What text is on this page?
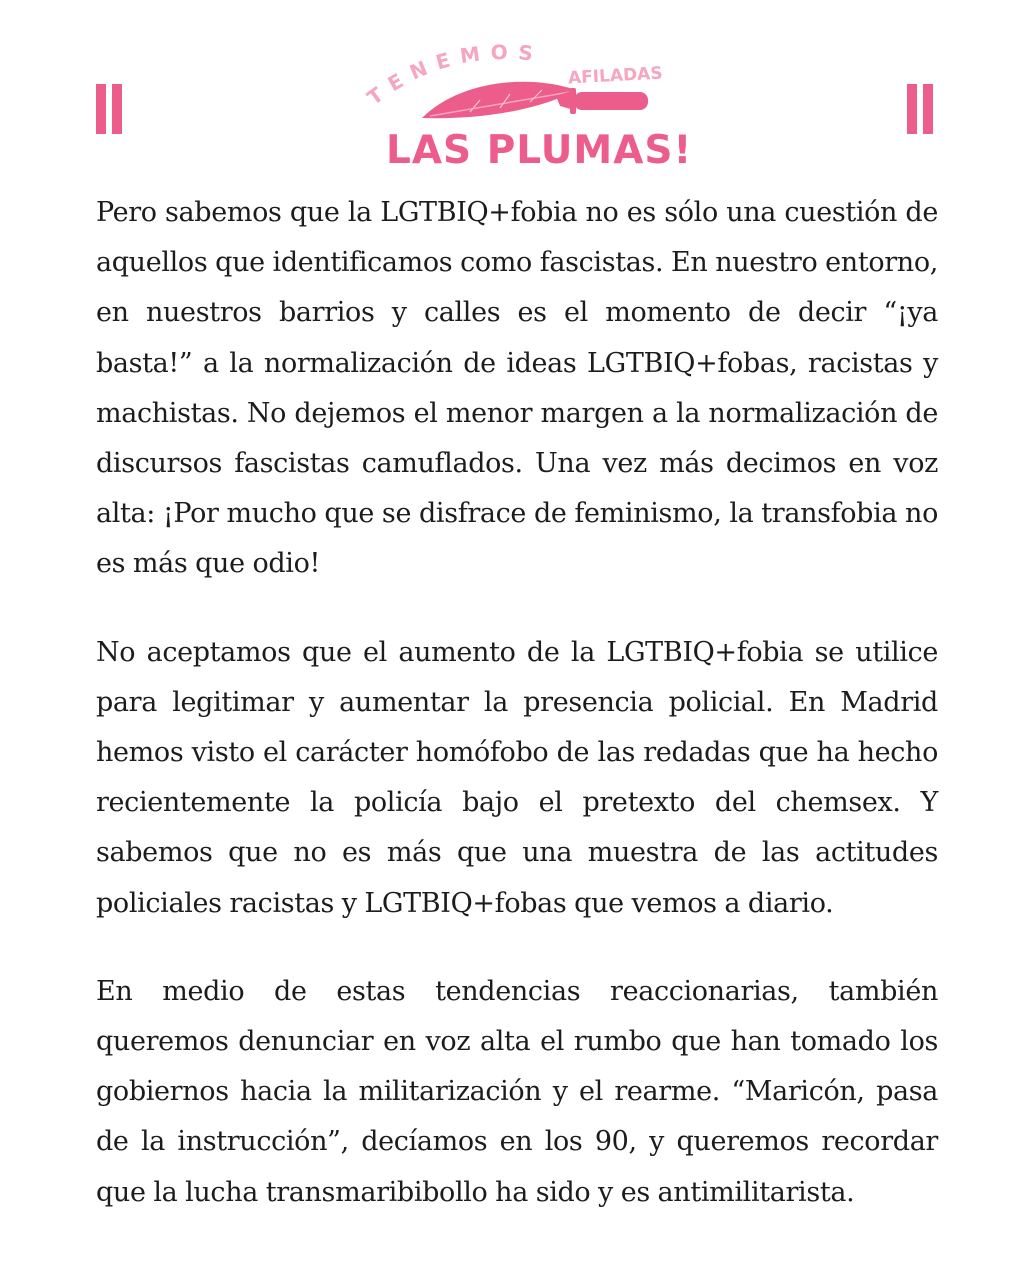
TENEMOS
AFILADAS
LAS PLUMAS!

Pero sabemos que la LGTBIQ+fobia no es sólo una cuestión de aquellos que identificamos como fascistas. En nuestro entorno, en nuestros barrios y calles es el momento de decir “¡ya basta!” a la normalización de ideas LGTBIQ+fobas, racistas y machistas. No dejemos el menor margen a la normalización de discursos fascistas camuflados. Una vez más decimos en voz alta: ¡Por mucho que se disfrace de feminismo, la transfobia no es más que odio!

No aceptamos que el aumento de la LGTBIQ+fobia se utilice para legitimar y aumentar la presencia policial. En Madrid hemos visto el carácter homófobo de las redadas que ha hecho recientemente la policía bajo el pretexto del chemsex. Y sabemos que no es más que una muestra de las actitudes policiales racistas y LGTBIQ+fobas que vemos a diario.

En medio de estas tendencias reaccionarias, también queremos denunciar en voz alta el rumbo que han tomado los gobiernos hacia la militarización y el rearme. “Maricón, pasa de la instrucción”, decíamos en los 90, y queremos recordar que la lucha transmaribibollo ha sido y es antimilitarista.
